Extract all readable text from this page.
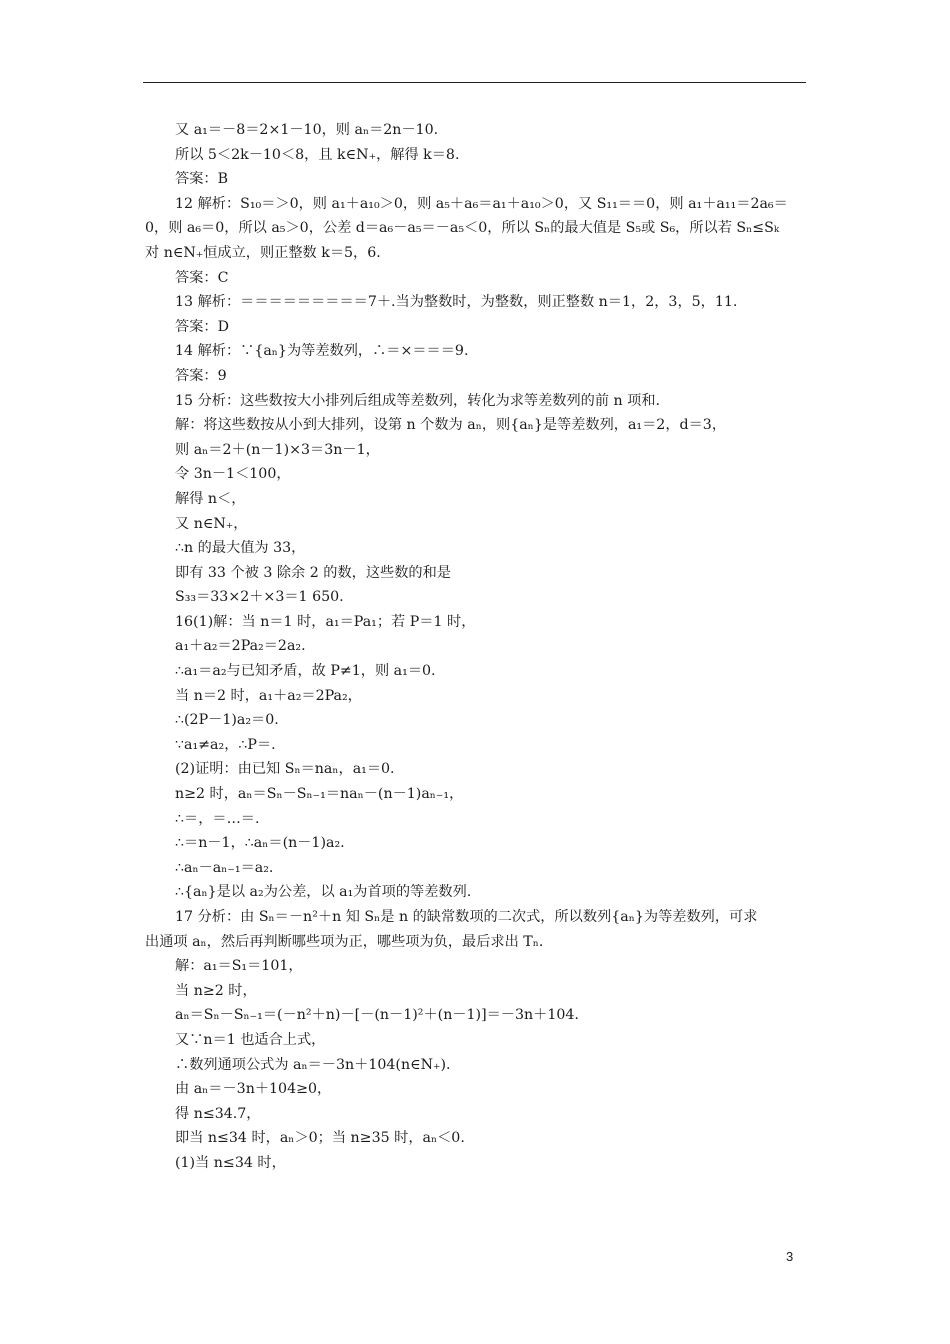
又 a₁＝－8＝2×1－10，则 aₙ＝2n－10.
所以 5＜2k－10＜8，且 k∈N₊，解得 k＝8.
答案：B
12 解析：S₁₀＝＞0，则 a₁＋a₁₀＞0，则 a₅＋a₆＝a₁＋a₁₀＞0，又 S₁₁＝＝0，则 a₁＋a₁₁＝2a₆＝
0，则 a₆＝0，所以 a₅＞0，公差 d＝a₆－a₅＝－a₅＜0，所以 Sₙ的最大值是 S₅或 S₆，所以若 Sₙ≤Sₖ
对 n∈N₊恒成立，则正整数 k＝5，6.
答案：C
13 解析：＝＝＝＝＝＝＝＝＝7＋.当为整数时，为整数，则正整数 n＝1，2，3，5，11.
答案：D
14 解析：∵{aₙ}为等差数列，∴＝×＝＝＝9.
答案：9
15 分析：这些数按大小排列后组成等差数列，转化为求等差数列的前 n 项和.
解：将这些数按从小到大排列，设第 n 个数为 aₙ，则{aₙ}是等差数列，a₁＝2，d＝3，
则 aₙ＝2＋(n－1)×3＝3n－1，
令 3n－1＜100，
解得 n＜，
又 n∈N₊，
∴n 的最大值为 33，
即有 33 个被 3 除余 2 的数，这些数的和是
S₃₃＝33×2＋×3＝1 650.
16(1)解：当 n＝1 时，a₁＝Pa₁；若 P＝1 时，
a₁＋a₂＝2Pa₂＝2a₂.
∴a₁＝a₂与已知矛盾，故 P≠1，则 a₁＝0.
当 n＝2 时，a₁＋a₂＝2Pa₂，
∴(2P－1)a₂＝0.
∵a₁≠a₂，∴P＝.
(2)证明：由已知 Sₙ＝naₙ，a₁＝0.
n≥2 时，aₙ＝Sₙ－Sₙ₋₁＝naₙ－(n－1)aₙ₋₁，
∴＝，＝…＝.
∴＝n－1，∴aₙ＝(n－1)a₂.
∴aₙ－aₙ₋₁＝a₂.
∴{aₙ}是以 a₂为公差，以 a₁为首项的等差数列.
17 分析：由 Sₙ＝－n²＋n 知 Sₙ是 n 的缺常数项的二次式，所以数列{aₙ}为等差数列，可求
出通项 aₙ，然后再判断哪些项为正，哪些项为负，最后求出 Tₙ.
解：a₁＝S₁＝101，
当 n≥2 时，
aₙ＝Sₙ－Sₙ₋₁＝(－n²＋n)－[－(n－1)²＋(n－1)]＝－3n＋104.
又∵n＝1 也适合上式，
∴数列通项公式为 aₙ＝－3n＋104(n∈N₊).
由 aₙ＝－3n＋104≥0，
得 n≤34.7，
即当 n≤34 时，aₙ＞0；当 n≥35 时，aₙ＜0.
(1)当 n≤34 时，
3
